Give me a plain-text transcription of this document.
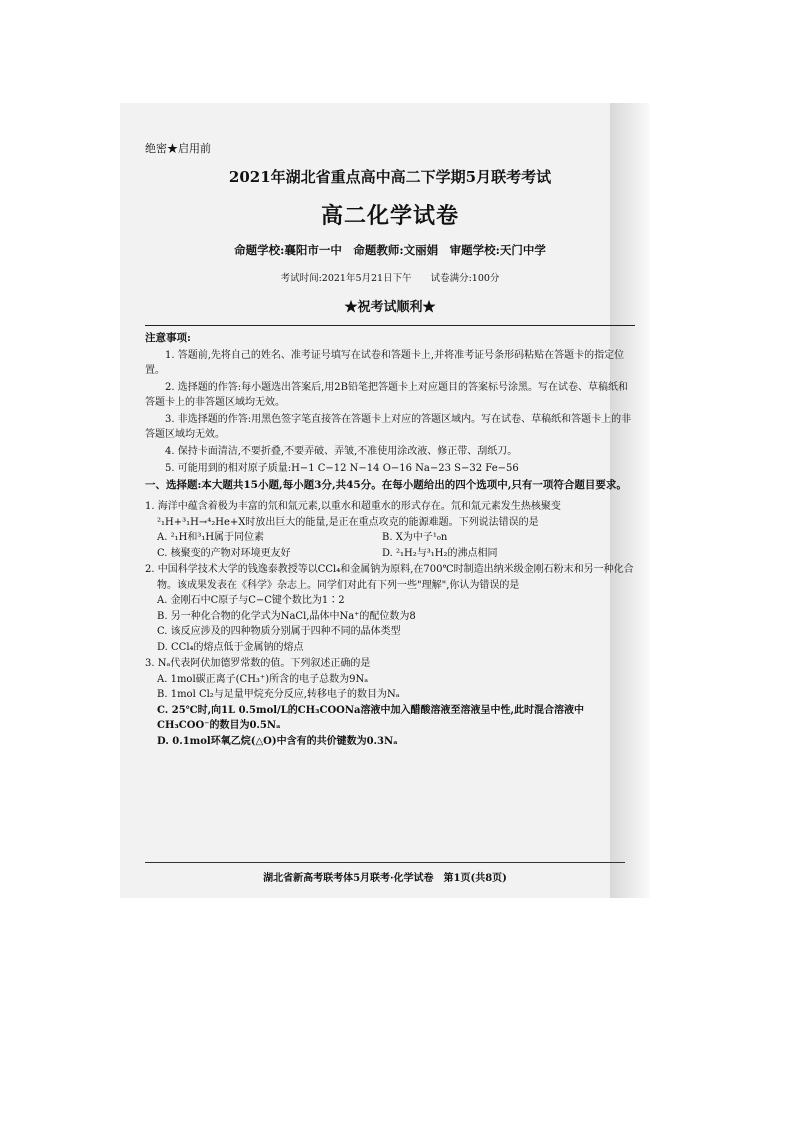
绝密★启用前
2021年湖北省重点高中高二下学期5月联考考试
高二化学试卷
命题学校:襄阳市一中　命题教师:文丽娟　审题学校:天门中学
考试时间:2021年5月21日下午　　试卷满分:100分
★祝考试顺利★
注意事项:

1. 答题前,先将自己的姓名、准考证号填写在试卷和答题卡上,并将准考证号条形码粘贴在答题卡的指定位置。

2. 选择题的作答:每小题选出答案后,用2B铅笔把答题卡上对应题目的答案标号涂黑。写在试卷、草稿纸和答题卡上的非答题区域均无效。

3. 非选择题的作答:用黑色签字笔直接答在答题卡上对应的答题区域内。写在试卷、草稿纸和答题卡上的非答题区域均无效。

4. 保持卡面清洁,不要折叠,不要弄破、弄皱,不准使用涂改液、修正带、刮纸刀。

5. 可能用到的相对原子质量:H−1 C−12 N−14 O−16 Na−23 S−32 Fe−56

一、选择题:本大题共15小题,每小题3分,共45分。在每小题给出的四个选项中,只有一项符合题目要求。

1. 海洋中蕴含着极为丰富的氘和氚元素,以重水和超重水的形式存在。氘和氚元素发生热核聚变²₁H+³₁H→⁴₂He+X时放出巨大的能量,是正在重点攻克的能源难题。下列说法错误的是

A. ²₁H和³₁H属于同位素	B. X为中子¹₀n
C. 核聚变的产物对环境更友好	D. ²₁H₂与³₁H₂的沸点相同

2. 中国科学技术大学的钱逸泰教授等以CCl₄和金属钠为原料,在700℃时制造出纳米级金刚石粉末和另一种化合物。该成果发表在《科学》杂志上。同学们对此有下列一些"理解",你认为错误的是

A. 金刚石中C原子与C−C键个数比为1∶2
B. 另一种化合物的化学式为NaCl,晶体中Na⁺的配位数为8
C. 该反应涉及的四种物质分别属于四种不同的晶体类型
D. CCl₄的熔点低于金属钠的熔点

3. Nₐ代表阿伏加德罗常数的值。下列叙述正确的是

A. 1mol碳正离子(CH₃⁺)所含的电子总数为9Nₐ
B. 1mol Cl₂与足量甲烷充分反应,转移电子的数目为Nₐ
C. 25℃时,向1L 0.5mol/L的CH₃COONa溶液中加入醋酸溶液至溶液呈中性,此时混合溶液中CH₃COO⁻的数目为0.5Nₐ
D. 0.1mol环氧乙烷(△O)中含有的共价键数为0.3Nₐ
湖北省新高考联考体5月联考·化学试卷　第1页(共8页)
